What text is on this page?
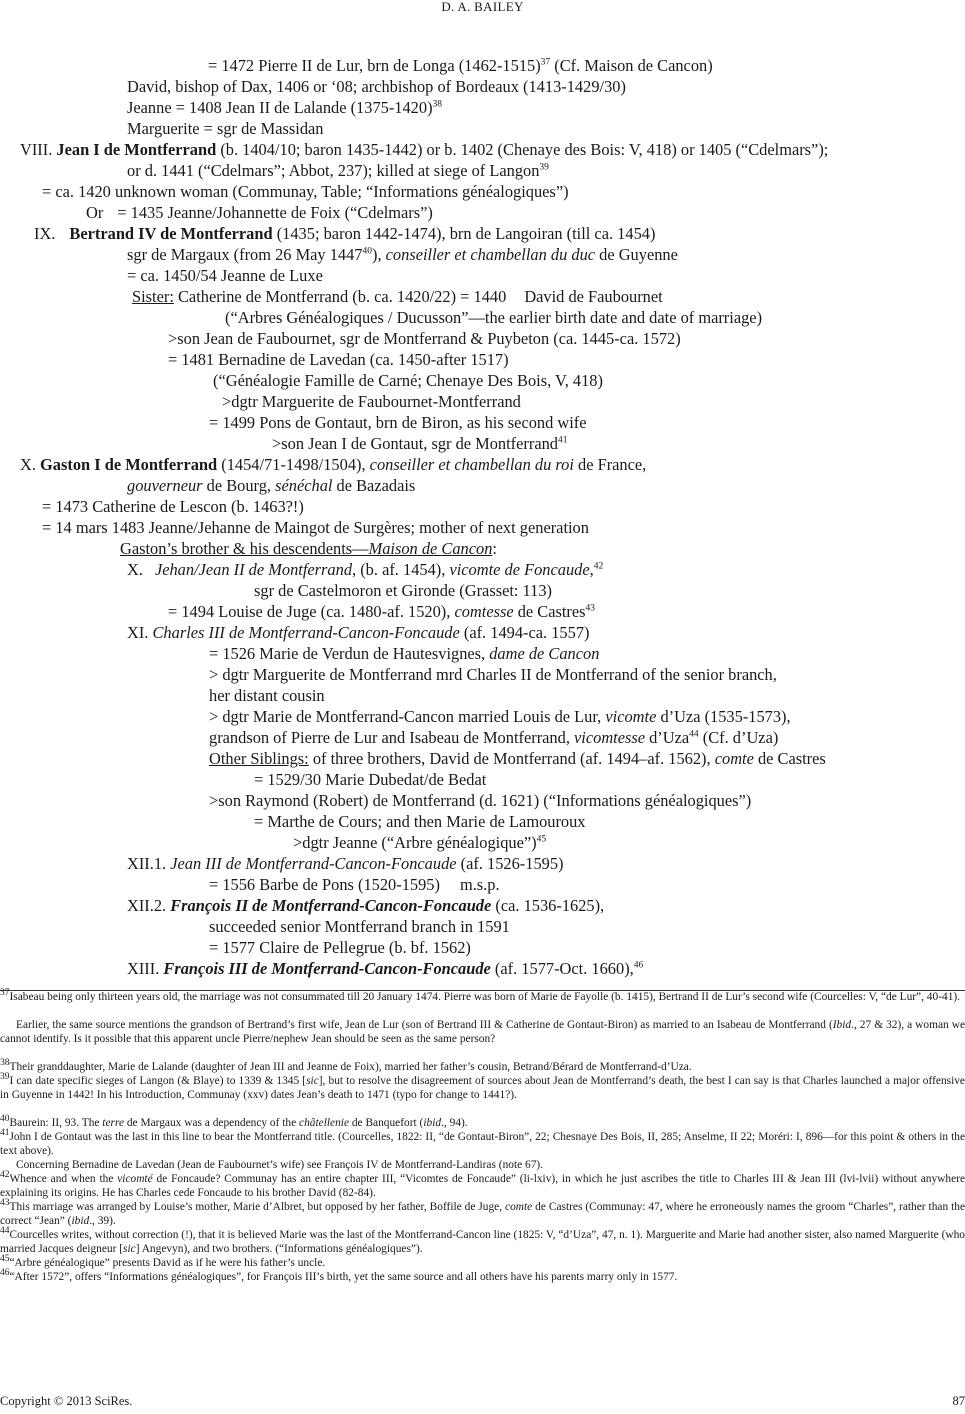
D. A. BAILEY
= 1472 Pierre II de Lur, brn de Longa (1462-1515)$^{37}$ (Cf. Maison de Cancon)
David, bishop of Dax, 1406 or ‘08; archbishop of Bordeaux (1413-1429/30)
Jeanne = 1408 Jean II de Lalande (1375-1420)$^{38}$
Marguerite = sgr de Massidan
VIII. Jean I de Montferrand (b. 1404/10; baron 1435-1442) or b. 1402 (Chenaye des Bois: V, 418) or 1405 (“Cdelmars”);
or d. 1441 (“Cdelmars”; Abbot, 237); killed at siege of Langon$^{39}$
= ca. 1420 unknown woman (Communay, Table; “Informations généalogiques”)
Or = 1435 Jeanne/Johannette de Foix (“Cdelmars”)
IX. Bertrand IV de Montferrand (1435; baron 1442-1474), brn de Langoiran (till ca. 1454)
sgr de Margaux (from 26 May 1447$^{40}$), conseiller et chambellan du duc de Guyenne
= ca. 1450/54 Jeanne de Luxe
Sister: Catherine de Montferrand (b. ca. 1420/22) = 1440 David de Faubournet
(“Arbres Généalogiques / Ducusson”—the earlier birth date and date of marriage)
>son Jean de Faubournet, sgr de Montferrand & Puybeton (ca. 1445-ca. 1572)
= 1481 Bernadine de Lavedan (ca. 1450-after 1517)
(“Généalogie Famille de Carné; Chenaye Des Bois, V, 418)
>dgtr Marguerite de Faubournet-Montferrand
= 1499 Pons de Gontaut, brn de Biron, as his second wife
>son Jean I de Gontaut, sgr de Montferrand$^{41}$
X. Gaston I de Montferrand (1454/71-1498/1504), conseiller et chambellan du roi de France,
gouverneur de Bourg, sénéchal de Bazadais
= 1473 Catherine de Lescon (b. 1463?!)
= 14 mars 1483 Jeanne/Jehanne de Maingot de Surgères; mother of next generation
Gaston’s brother & his descendents—Maison de Cancon:
X. Jehan/Jean II de Montferrand, (b. af. 1454), vicomte de Foncaude,$^{42}$
sgr de Castelmoron et Gironde (Grasset: 113)
= 1494 Louise de Juge (ca. 1480-af. 1520), comtesse de Castres$^{43}$
XI. Charles III de Montferrand-Cancon-Foncaude (af. 1494-ca. 1557)
= 1526 Marie de Verdun de Hautesvignes, dame de Cancon
> dgtr Marguerite de Montferrand mrd Charles II de Montferrand of the senior branch,
her distant cousin
> dgtr Marie de Montferrand-Cancon married Louis de Lur, vicomte d’Uza (1535-1573),
grandson of Pierre de Lur and Isabeau de Montferrand, vicomtesse d’Uza$^{44}$ (Cf. d’Uza)
Other Siblings: of three brothers, David de Montferrand (af. 1494–af. 1562), comte de Castres
= 1529/30 Marie Dubedat/de Bedat
>son Raymond (Robert) de Montferrand (d. 1621) (“Informations généalogiques”)
= Marthe de Cours; and then Marie de Lamouroux
>dgtr Jeanne (“Arbre généalogique”)$^{45}$
XII.1. Jean III de Montferrand-Cancon-Foncaude (af. 1526-1595)
= 1556 Barbe de Pons (1520-1595) m.s.p.
XII.2. François II de Montferrand-Cancon-Foncaude (ca. 1536-1625),
succeeded senior Montferrand branch in 1591
= 1577 Claire de Pellegrue (b. bf. 1562)
XIII. François III de Montferrand-Cancon-Foncaude (af. 1577-Oct. 1660),$^{46}$
$^{37}$Isabeau being only thirteen years old, the marriage was not consummated till 20 January 1474. Pierre was born of Marie de Fayolle (b. 1415), Bertrand II de Lur’s second wife (Courcelles: V, “de Lur”, 40-41).
Earlier, the same source mentions the grandson of Bertrand’s first wife, Jean de Lur (son of Bertrand III & Catherine de Gontaut-Biron) as married to an Isabeau de Montferrand (Ibid., 27 & 32), a woman we cannot identify. Is it possible that this apparent uncle Pierre/nephew Jean should be seen as the same person?
$^{38}$Their granddaughter, Marie de Lalande (daughter of Jean III and Jeanne de Foix), married her father’s cousin, Betrand/Bérard de Montferrand-d’Uza.
$^{39}$I can date specific sieges of Langon (& Blaye) to 1339 & 1345 [sic], but to resolve the disagreement of sources about Jean de Montferrand’s death, the best I can say is that Charles launched a major offensive in Guyenne in 1442! In his Introduction, Communay (xxv) dates Jean’s death to 1471 (typo for change to 1441?).
$^{40}$Baurein: II, 93. The terre de Margaux was a dependency of the châtellenie de Banquefort (ibid., 94).
$^{41}$John I de Gontaut was the last in this line to bear the Montferrand title. (Courcelles, 1822: II, “de Gontaut-Biron”, 22; Chesnaye Des Bois, II, 285; Anselme, II 22; Moréri: I, 896—for this point & others in the text above).
Concerning Bernadine de Lavedan (Jean de Faubournet’s wife) see François IV de Montferrand-Landiras (note 67).
$^{42}$Whence and when the vicomté de Foncaude? Communay has an entire chapter III, “Vicomtes de Foncaude” (li-lxiv), in which he just ascribes the title to Charles III & Jean III (lvi-lvii) without anywhere explaining its origins. He has Charles cede Foncaude to his brother David (82-84).
$^{43}$This marriage was arranged by Louise’s mother, Marie d’Albret, but opposed by her father, Boffile de Juge, comte de Castres (Communay: 47, where he erroneously names the groom “Charles”, rather than the correct “Jean” (ibid., 39).
$^{44}$Courcelles writes, without correction (!), that it is believed Marie was the last of the Montferrand-Cancon line (1825: V, “d’Uza”, 47, n. 1). Marguerite and Marie had another sister, also named Marguerite (who married Jacques deigneur [sic] Angevyn), and two brothers. (“Informations généalogiques”).
$^{45}$“Arbre généalogique” presents David as if he were his father’s uncle.
$^{46}$“After 1572”, offers “Informations généalogiques”, for François III’s birth, yet the same source and all others have his parents marry only in 1577.
Copyright © 2013 SciRes.	87
